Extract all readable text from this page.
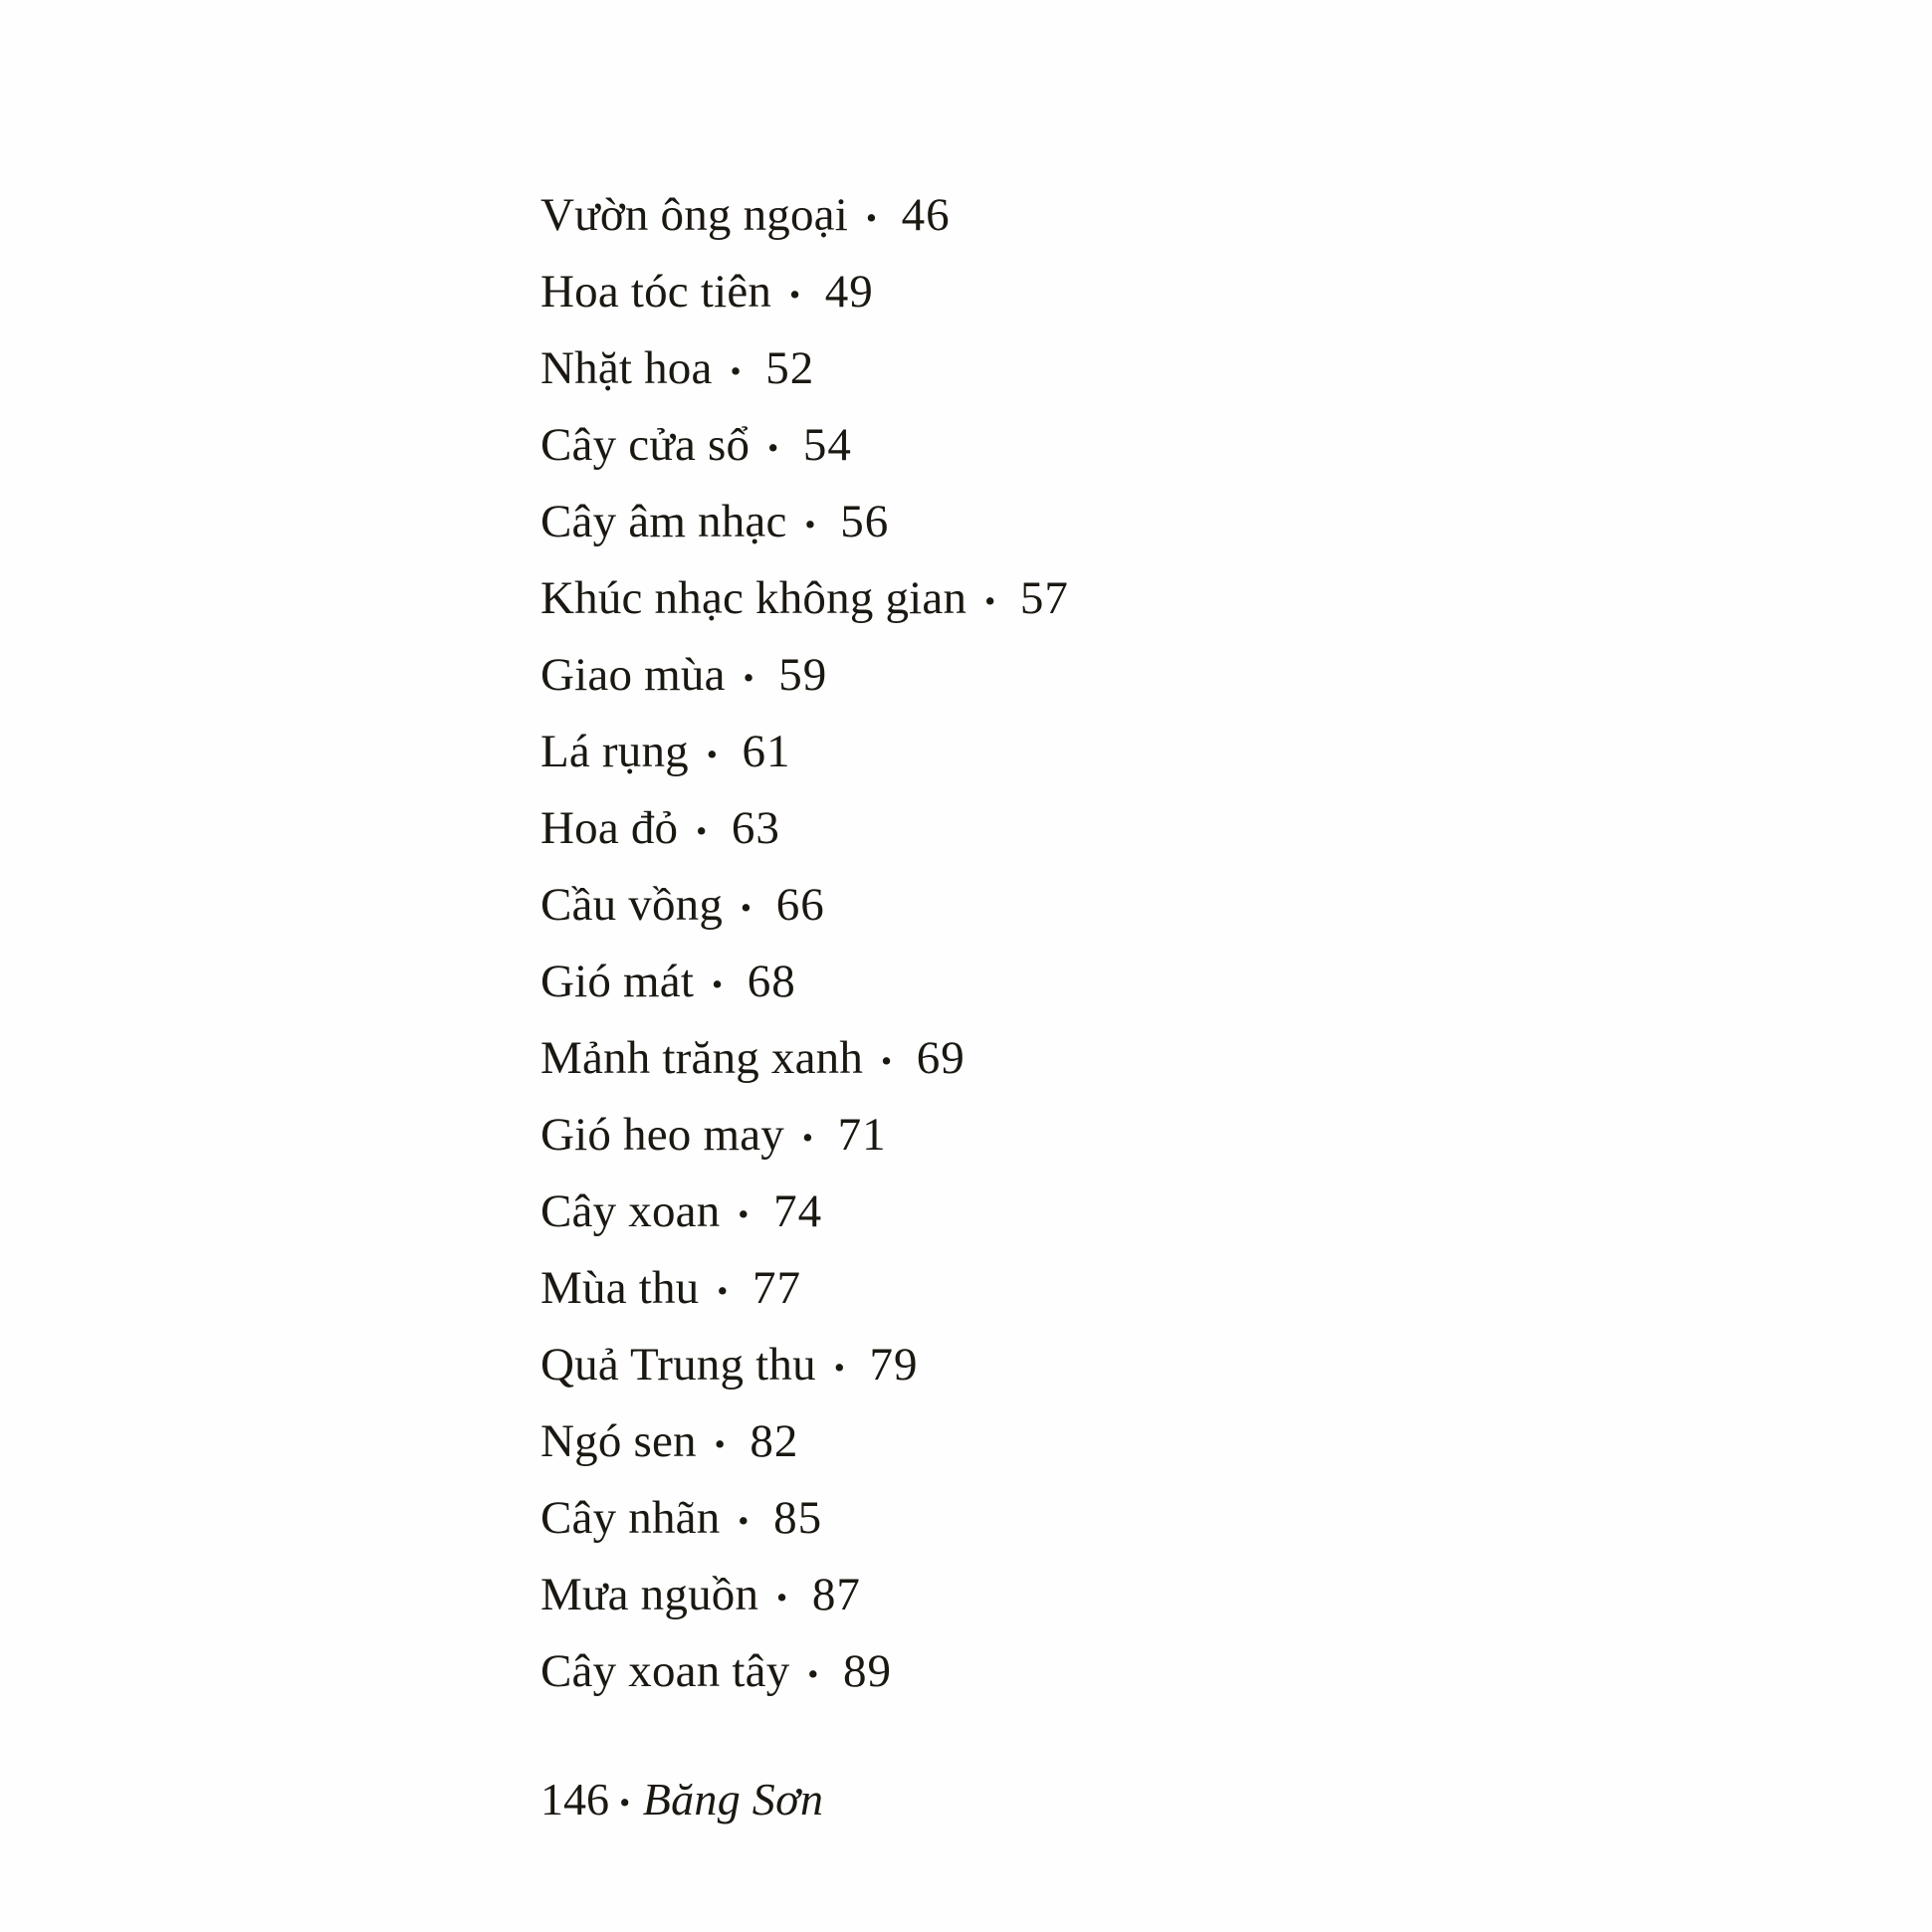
Vườn ông ngoại • 46
Hoa tóc tiên • 49
Nhặt hoa • 52
Cây cửa sổ • 54
Cây âm nhạc • 56
Khúc nhạc không gian • 57
Giao mùa • 59
Lá rụng • 61
Hoa đỏ • 63
Cầu vồng • 66
Gió mát • 68
Mảnh trăng xanh • 69
Gió heo may • 71
Cây xoan • 74
Mùa thu • 77
Quả Trung thu • 79
Ngó sen • 82
Cây nhãn • 85
Mưa nguồn • 87
Cây xoan tây • 89
146 • Băng Sơn
